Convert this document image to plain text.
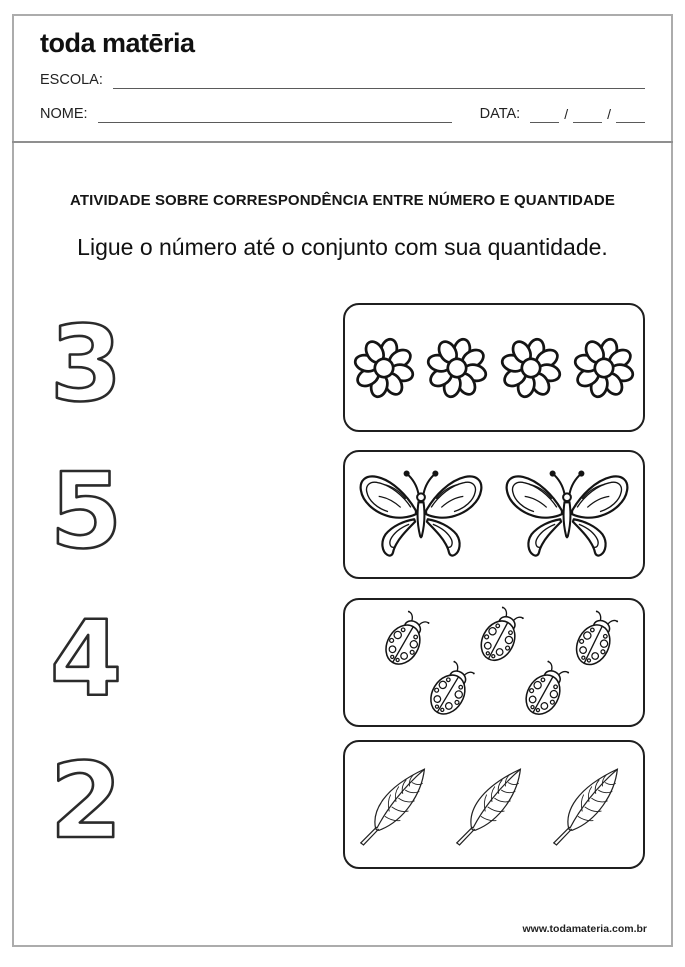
toda matēria
ESCOLA:
NOME:	DATA:	/	/
ATIVIDADE SOBRE CORRESPONDÊNCIA ENTRE NÚMERO E QUANTIDADE
Ligue o número até o conjunto com sua quantidade.
3
5
4
2
www.todamateria.com.br
